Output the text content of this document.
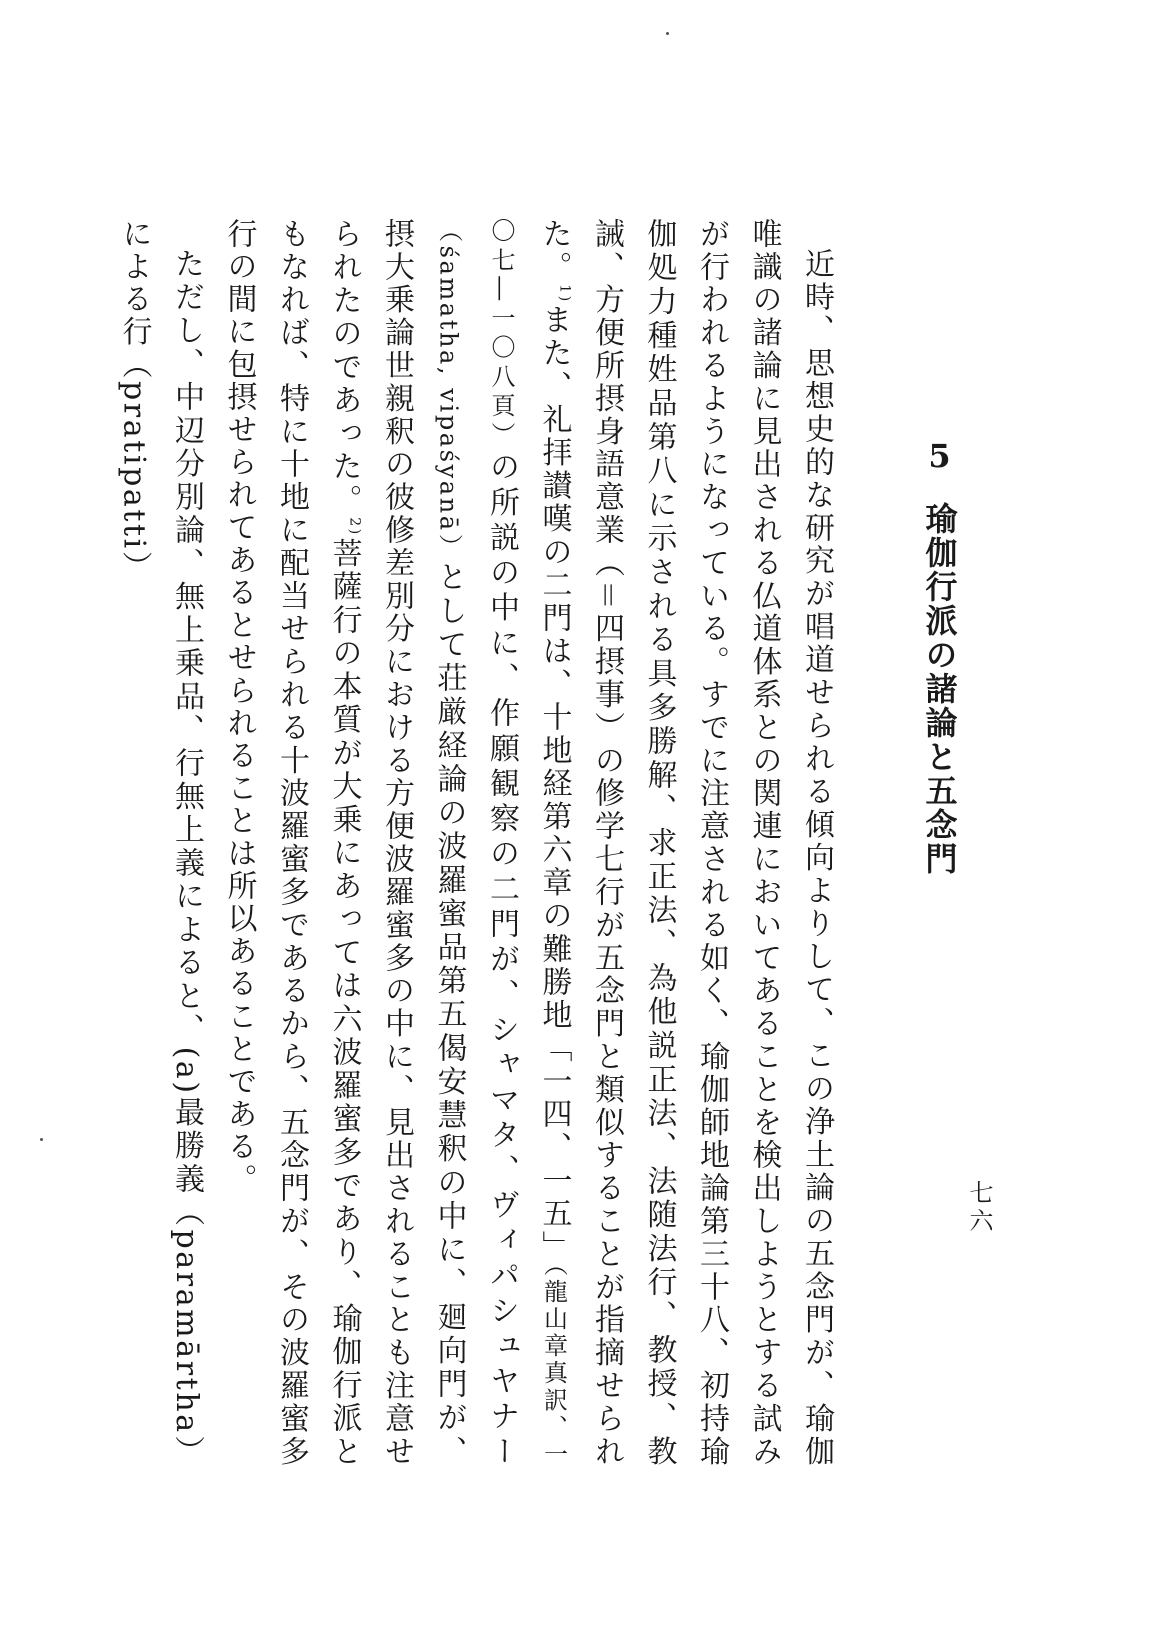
七六
5瑜伽行派の諸論と五念門

近時、思想史的な研究が唱道せられる傾向よりして、この浄土論の五念門が、瑜伽唯識の諸論に見出される仏道体系との関連においてあることを検出しようとする試みが行われるようになっている。すでに注意される如く、瑜伽師地論第三十八、初持瑜伽処力種姓品第八に示される具多勝解、求正法、為他説正法、法随法行、教授、教誡、方便所摂身語意業（＝四摂事）の修学七行が五念門と類似することが指摘せられた。$^{1)}$また、礼拝讃嘆の二門は、十地経第六章の難勝地「一四、一五」（龍山章真訳、一〇七―一〇八頁）の所説の中に、作願観察の二門が、シャマタ、ヴィパシュヤナー（śamatha, vipaśyanā）として荘厳経論の波羅蜜品第五偈安慧釈の中に、廻向門が、摂大乗論世親釈の彼修差別分における方便波羅蜜多の中に、見出されることも注意せられたのであった。$^{2)}$菩薩行の本質が大乗にあっては六波羅蜜多であり、瑜伽行派ともなれば、特に十地に配当せられる十波羅蜜多であるから、五念門が、その波羅蜜多行の間に包摂せられてあるとせられることは所以あることである。

ただし、中辺分別論、無上乗品、行無上義によると、(a)最勝義（paramārtha）による行（pratipatti）
